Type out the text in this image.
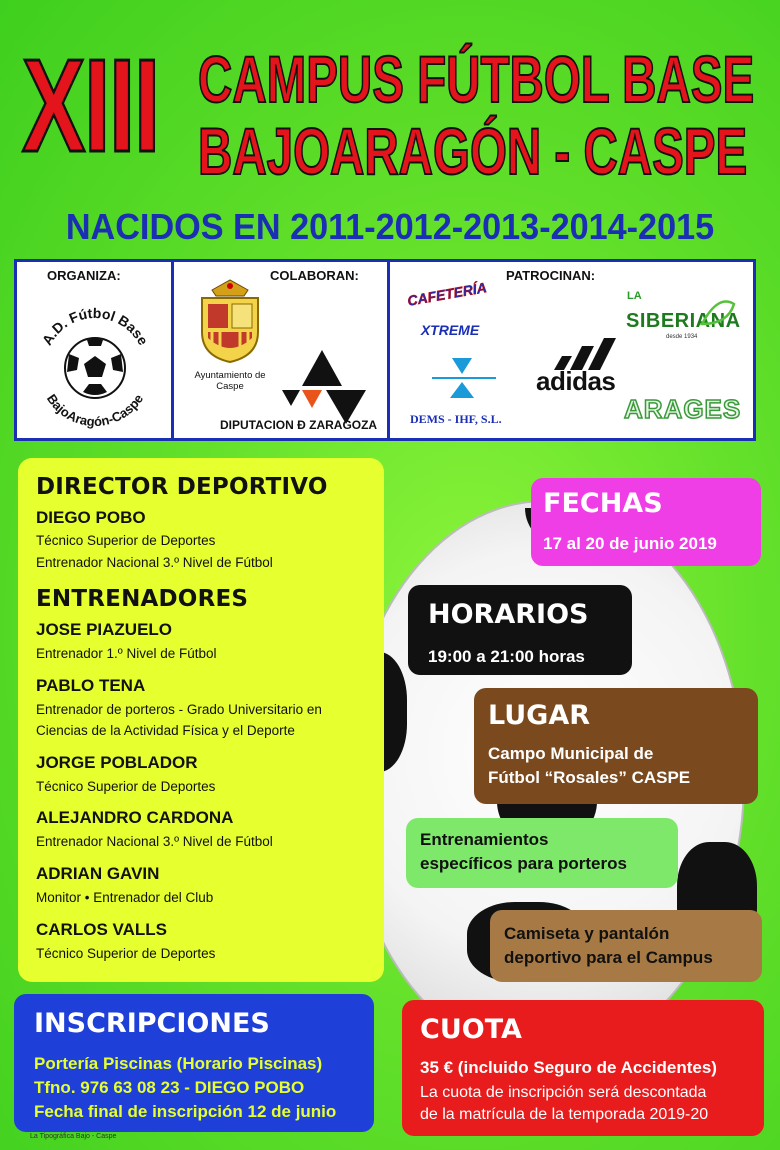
XIII CAMPUS FÚTBOL BASE
BAJOARAGÓN - CASPE
NACIDOS EN 2011-2012-2013-2014-2015
ORGANIZA:
A.D. Fútbol Base
BajoAragón-Caspe
COLABORAN:
Ayuntamiento de Caspe
DIPUTACION Ð ZARAGOZA
PATROCINAN:
CAFETERÍA
XTREME
LA
SIBERIANA
desde 1934
DEMS - IHF, S.L.
adidas
ARAGES
DIRECTOR DEPORTIVO
DIEGO POBO
Técnico Superior de Deportes
Entrenador Nacional 3.º Nivel de Fútbol
ENTRENADORES
JOSE PIAZUELO
Entrenador 1.º Nivel de Fútbol
PABLO TENA
Entrenador de porteros - Grado Universitario en
Ciencias de la Actividad Física y el Deporte
JORGE POBLADOR
Técnico Superior de Deportes
ALEJANDRO CARDONA
Entrenador Nacional 3.º Nivel de Fútbol
ADRIAN GAVIN
Monitor • Entrenador del Club
CARLOS VALLS
Técnico Superior de Deportes
FECHAS
17 al 20 de junio 2019
HORARIOS
19:00 a 21:00 horas
LUGAR
Campo Municipal de
Fútbol “Rosales” CASPE
Entrenamientos
específicos para porteros
Camiseta y pantalón
deportivo para el Campus
INSCRIPCIONES
Portería Piscinas (Horario Piscinas)
Tfno. 976 63 08 23 - DIEGO POBO
Fecha final de inscripción 12 de junio
CUOTA
35 € (incluido Seguro de Accidentes)
La cuota de inscripción será descontada
de la matrícula de la temporada 2019-20
La Tipográfica Bajo - Caspe
